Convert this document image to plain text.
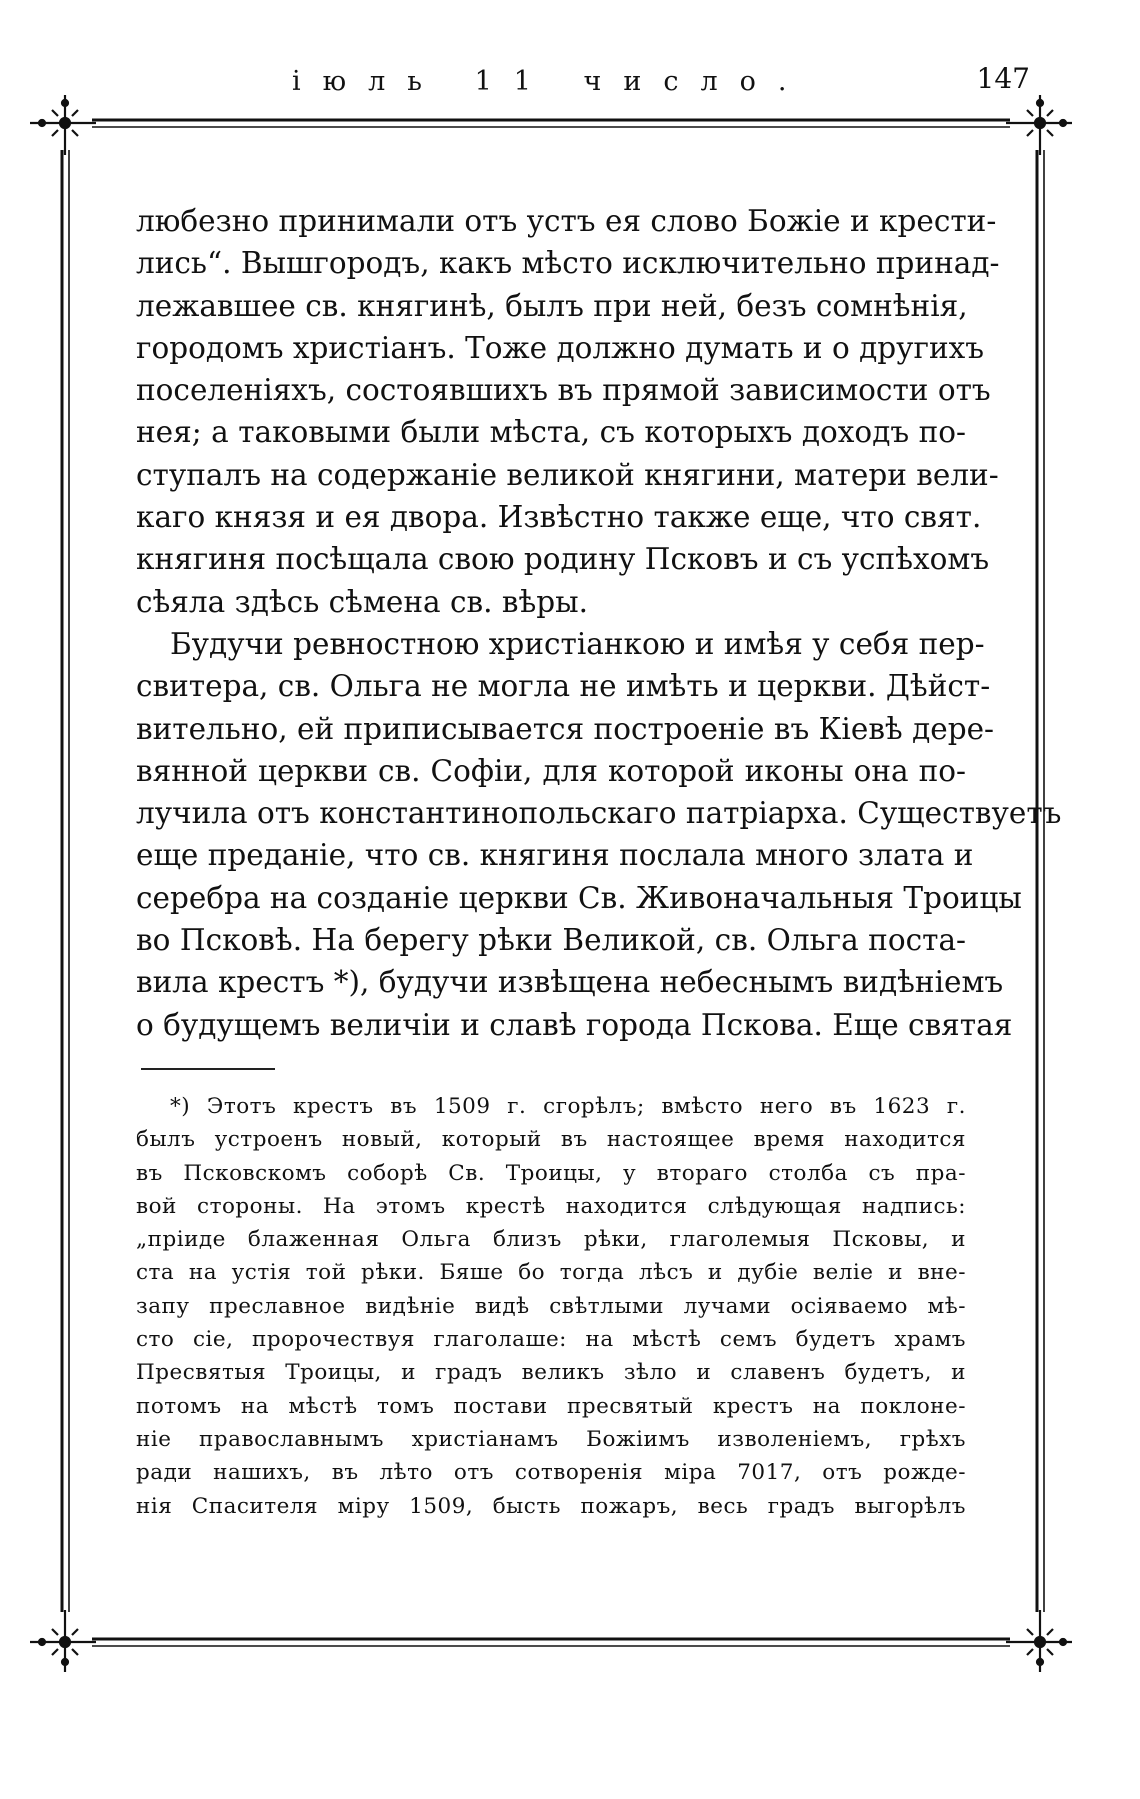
іюль 11 число.	147
любезно принимали отъ устъ ея слово Божіе и крести-
лись“. Вышгородъ, какъ мѣсто исключительно принад-
лежавшее св. княгинѣ, былъ при ней, безъ сомнѣнія,
городомъ христіанъ. Тоже должно думать и о другихъ
поселеніяхъ, состоявшихъ въ прямой зависимости отъ
нея; а таковыми были мѣста, съ которыхъ доходъ по-
ступалъ на содержаніе великой княгини, матери вели-
каго князя и ея двора. Извѣстно также еще, что свят.
княгиня посѣщала свою родину Псковъ и съ успѣхомъ
сѣяла здѣсь сѣмена св. вѣры.
Будучи ревностною христіанкою и имѣя у себя пер-
свитера, св. Ольга не могла не имѣть и церкви. Дѣйст-
вительно, ей приписывается построеніе въ Кіевѣ дере-
вянной церкви св. Софіи, для которой иконы она по-
лучила отъ константинопольскаго патріарха. Существуетъ
еще преданіе, что св. княгиня послала много злата и
серебра на созданіе церкви Св. Живоначальныя Троицы
во Псковѣ. На берегу рѣки Великой, св. Ольга поста-
вила крестъ *), будучи извѣщена небеснымъ видѣніемъ
о будущемъ величіи и славѣ города Пскова. Еще святая
*) Этотъ крестъ въ 1509 г. сгорѣлъ; вмѣсто него въ 1623 г.
былъ устроенъ новый, который въ настоящее время находится
въ Псковскомъ соборѣ Св. Троицы, у втораго столба съ пра-
вой стороны. На этомъ крестѣ находится слѣдующая надпись:
„пріиде блаженная Ольга близъ рѣки, глаголемыя Псковы, и
ста на устія той рѣки. Бяше бо тогда лѣсъ и дубіе веліе и вне-
запу преславное видѣніе видѣ свѣтлыми лучами осіяваемо мѣ-
сто сіе, пророчествуя глаголаше: на мѣстѣ семъ будетъ храмъ
Пресвятыя Троицы, и градъ великъ зѣло и славенъ будетъ, и
потомъ на мѣстѣ томъ постави пресвятый крестъ на поклоне-
ніе православнымъ христіанамъ Божіимъ изволеніемъ, грѣхъ
ради нашихъ, въ лѣто отъ сотворенія міра 7017, отъ рожде-
нія Спасителя міру 1509, бысть пожаръ, весь градъ выгорѣлъ
